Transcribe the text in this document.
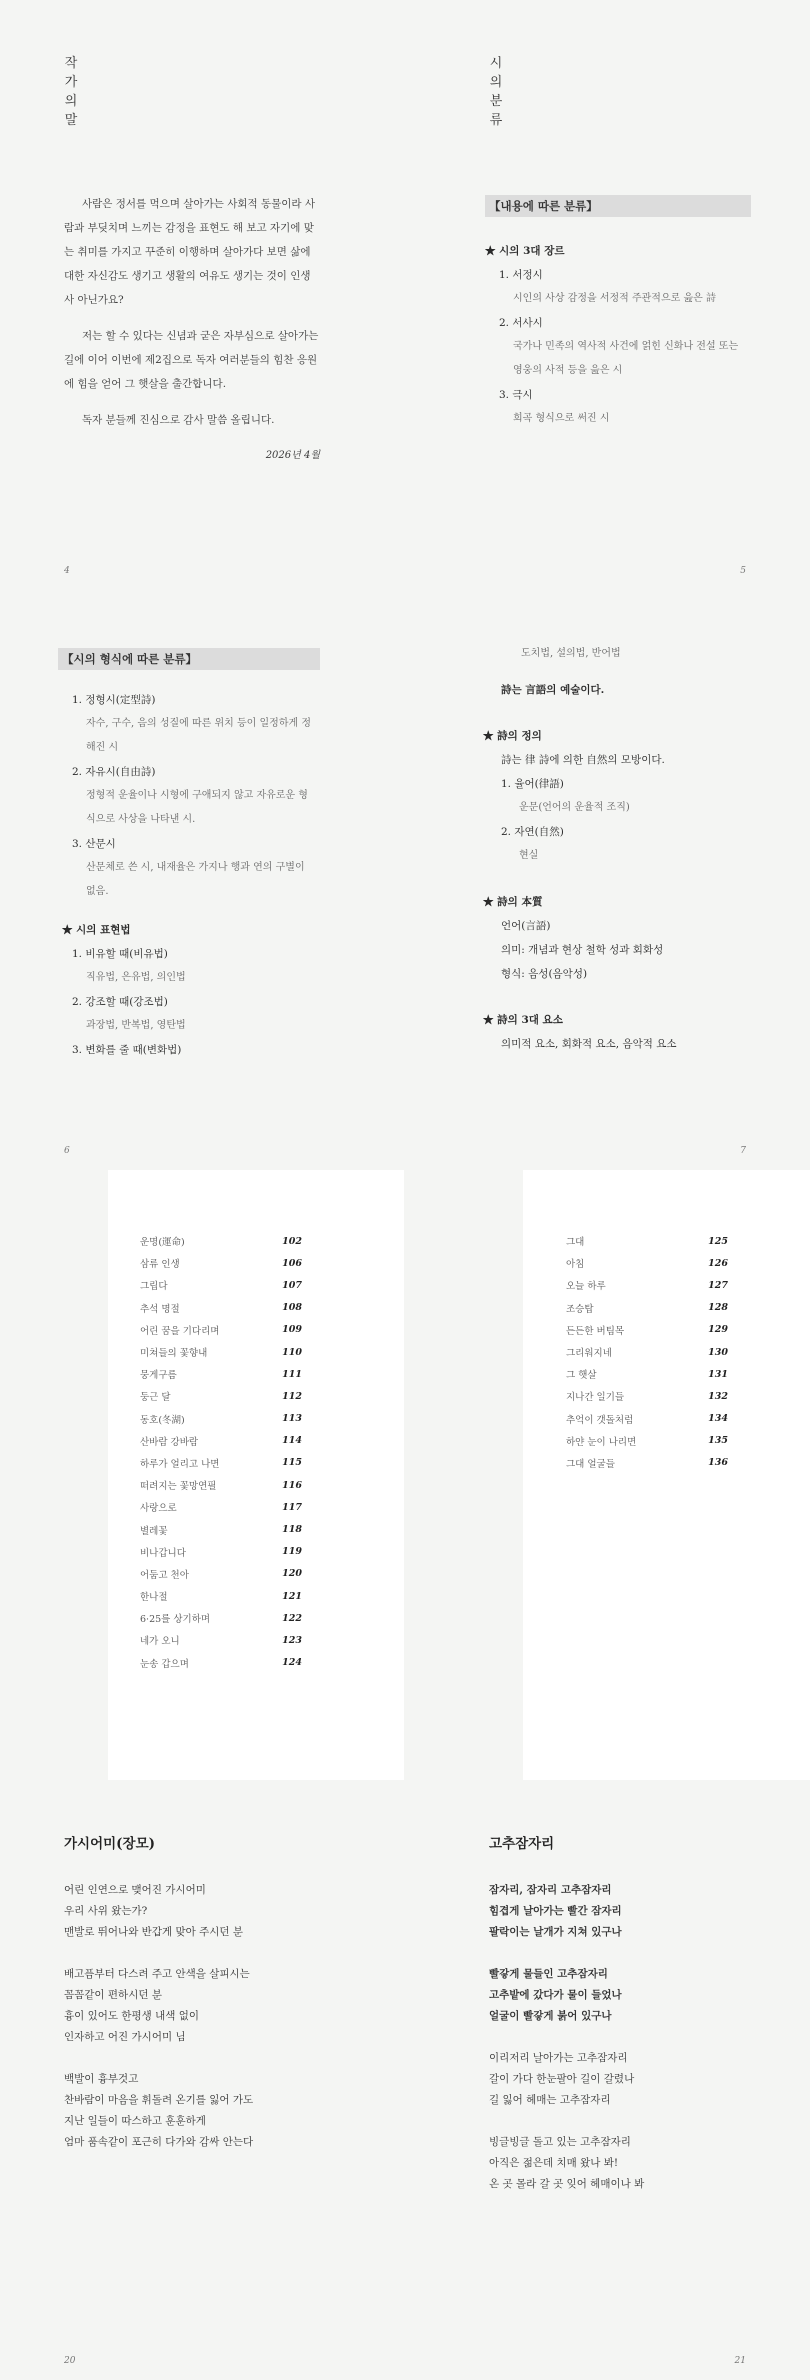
작
가
의
말

사람은 정서를 먹으며 살아가는 사회적 동물이라 사람과 부딪치며 느끼는 감정을 표현도 해 보고 자기에 맞는 취미를 가지고 꾸준히 이행하며 살아가다 보면 삶에 대한 자신감도 생기고 생활의 여유도 생기는 것이 인생사 아닌가요?

저는 할 수 있다는 신념과 굳은 자부심으로 살아가는 길에 이어 이번에 제2집으로 독자 여러분들의 힘찬 응원에 힘을 얻어 그 햇살을 출간합니다.

독자 분들께 진심으로 감사 말씀 올립니다.

2026년 4월
4
시
의
분
류
【내용에 따른 분류】
★ 시의 3대 장르
1. 서정시
시인의 사상 감정을 서정적 주관적으로 읊은 詩
2. 서사시
국가나 민족의 역사적 사건에 얽힌 신화나 전설 또는
영웅의 사적 등을 읊은 시
3. 극시
희곡 형식으로 써진 시
5
【시의 형식에 따른 분류】
1. 정형시(定型詩)
자수, 구수, 음의 성질에 따른 위치 등이 일정하게 정
해진 시
2. 자유시(自由詩)
정형적 운율이나 시형에 구애되지 않고 자유로운 형
식으로 사상을 나타낸 시.
3. 산문시
산문체로 쓴 시, 내재율은 가지나 행과 연의 구별이
없음.
★ 시의 표현법
1. 비유할 때(비유법)
직유법, 은유법, 의인법
2. 강조할 때(강조법)
과장법, 반복법, 영탄법
3. 변화를 줄 때(변화법)
6
도치법, 설의법, 반어법
詩는 言語의 예술이다.
★ 詩의 정의
詩는 律 詩에 의한 自然의 모방이다.
1. 율어(律語)
운문(언어의 운율적 조직)
2. 자연(自然)
현실
★ 詩의 本質
언어(言語)
의미: 개념과 현상 철학 성과 회화성
형식: 음성(음악성)
★ 詩의 3대 요소
의미적 요소, 회화적 요소, 음악적 요소
7
운명(運命)	102
삼류 인생	106
그립다	107
추석 명절	108
어린 꿈을 기다리며	109
미쳐들의 꽃향내	110
뭉게구름	111
둥근 달	112
동호(冬湖)	113
산바람 강바람	114
하루가 얼리고 나면	115
떠려지는 꽃망연필	116
사랑으로	117
별레꽃	118
비나갑니다	119
어둠고 천아	120
한나절	121
6·25를 상기하며	122
네가 오니	123
눈송 갑으며	124
그대	125
아침	126
오늘 하루	127
조승탑	128
든든한 버팀목	129
그리워지네	130
그 햇살	131
지나간 일기들	132
추억이 갯돌처럼	134
하얀 눈이 나리면	135
그대 얼굴들	136
가시어미(장모)
어린 인연으로 맺어진 가시어미
우리 사위 왔는가?
맨발로 뛰어나와 반갑게 맞아 주시던 분
배고픔부터 다스려 주고 안색을 살피시는
꼼꼼같이 편하시던 분
흉이 있어도 한평생 내색 없이
인자하고 어진 가시어미 님
백발이 흉부것고
찬바람이 마음을 휘돌려 온기를 잃어 가도
지난 일들이 따스하고 훈훈하게
엄마 품속같이 포근히 다가와 감싸 안는다
20
고추잠자리
잠자리, 잠자리 고추잠자리
힘겹게 날아가는 빨간 잠자리
팔락이는 날개가 지쳐 있구나
빨갛게 물들인 고추잠자리
고추밭에 갔다가 물이 들었나
얼굴이 빨갛게 붉어 있구나
이리저리 날아가는 고추잠자리
갈이 가다 한눈팔아 길이 갈렸나
길 잃어 헤매는 고추잠자리
빙글빙글 돌고 있는 고추잠자리
아직은 젊은데 치매 왔나 봐!
온 곳 몰라 갈 곳 잊어 헤매이나 봐
21
